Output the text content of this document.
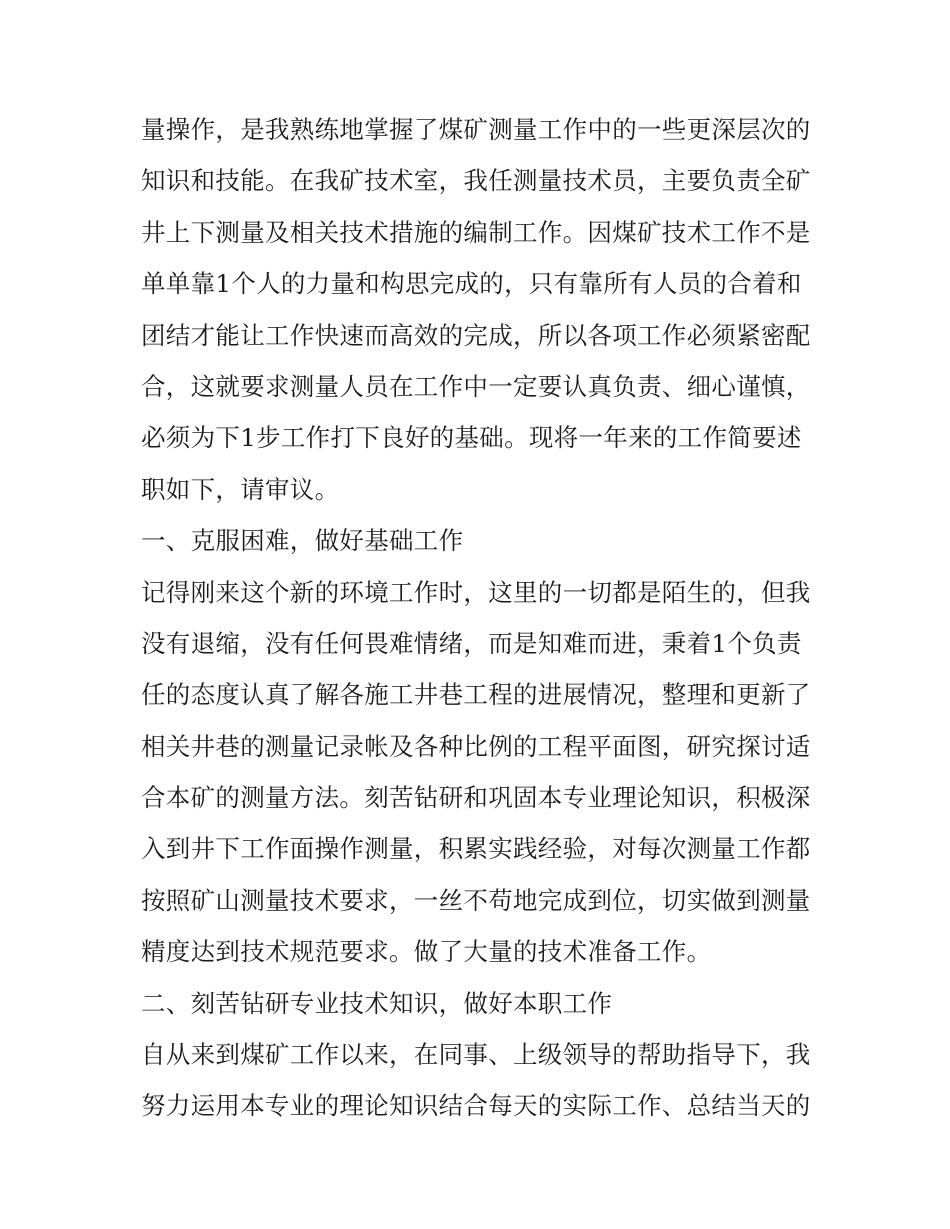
量操作，是我熟练地掌握了煤矿测量工作中的一些更深层次的
知识和技能。在我矿技术室，我任测量技术员，主要负责全矿
井上下测量及相关技术措施的编制工作。因煤矿技术工作不是
单单靠1个人的力量和构思完成的，只有靠所有人员的合着和
团结才能让工作快速而高效的完成，所以各项工作必须紧密配
合，这就要求测量人员在工作中一定要认真负责、细心谨慎，
必须为下1步工作打下良好的基础。现将一年来的工作简要述
职如下，请审议。
一、克服困难，做好基础工作
记得刚来这个新的环境工作时，这里的一切都是陌生的，但我
没有退缩，没有任何畏难情绪，而是知难而进，秉着1个负责
任的态度认真了解各施工井巷工程的进展情况，整理和更新了
相关井巷的测量记录帐及各种比例的工程平面图，研究探讨适
合本矿的测量方法。刻苦钻研和巩固本专业理论知识，积极深
入到井下工作面操作测量，积累实践经验，对每次测量工作都
按照矿山测量技术要求，一丝不苟地完成到位，切实做到测量
精度达到技术规范要求。做了大量的技术准备工作。
二、刻苦钻研专业技术知识，做好本职工作
自从来到煤矿工作以来，在同事、上级领导的帮助指导下，我
努力运用本专业的理论知识结合每天的实际工作、总结当天的
